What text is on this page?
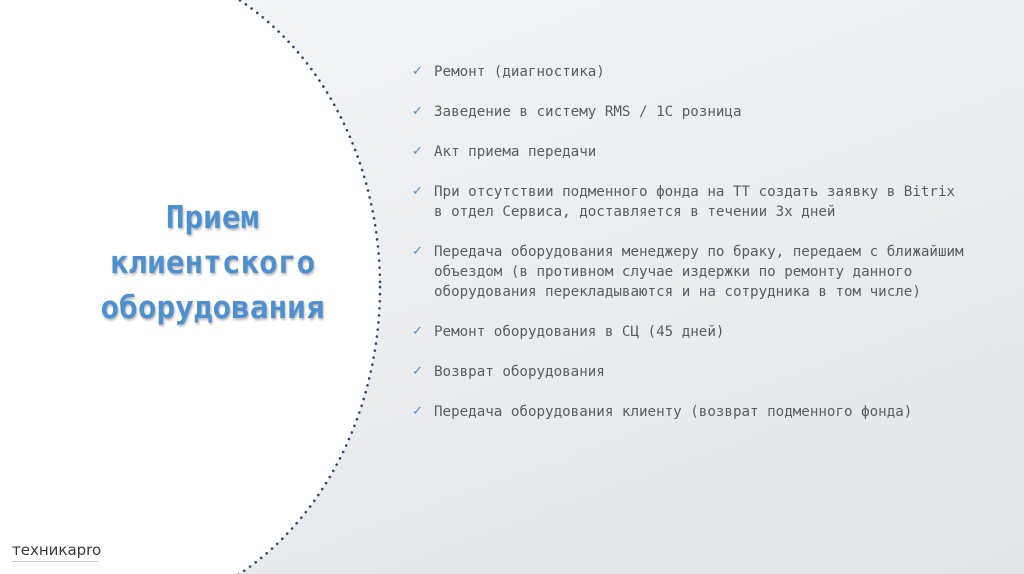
Прием
клиентского
оборудования
✓ Ремонт (диагностика)
✓ Заведение в систему RMS / 1С розница
✓ Акт приема передачи
✓ При отсутствии подменного фонда на ТТ создать заявку в Bitrix в отдел Сервиса, доставляется в течении 3х дней
✓ Передача оборудования менеджеру по браку, передаем с ближайшим объездом (в противном случае издержки по ремонту данного оборудования перекладываются и на сотрудника в том числе)
✓ Ремонт оборудования в СЦ (45 дней)
✓ Возврат оборудования
✓ Передача оборудования клиенту (возврат подменного фонда)
техникapro
